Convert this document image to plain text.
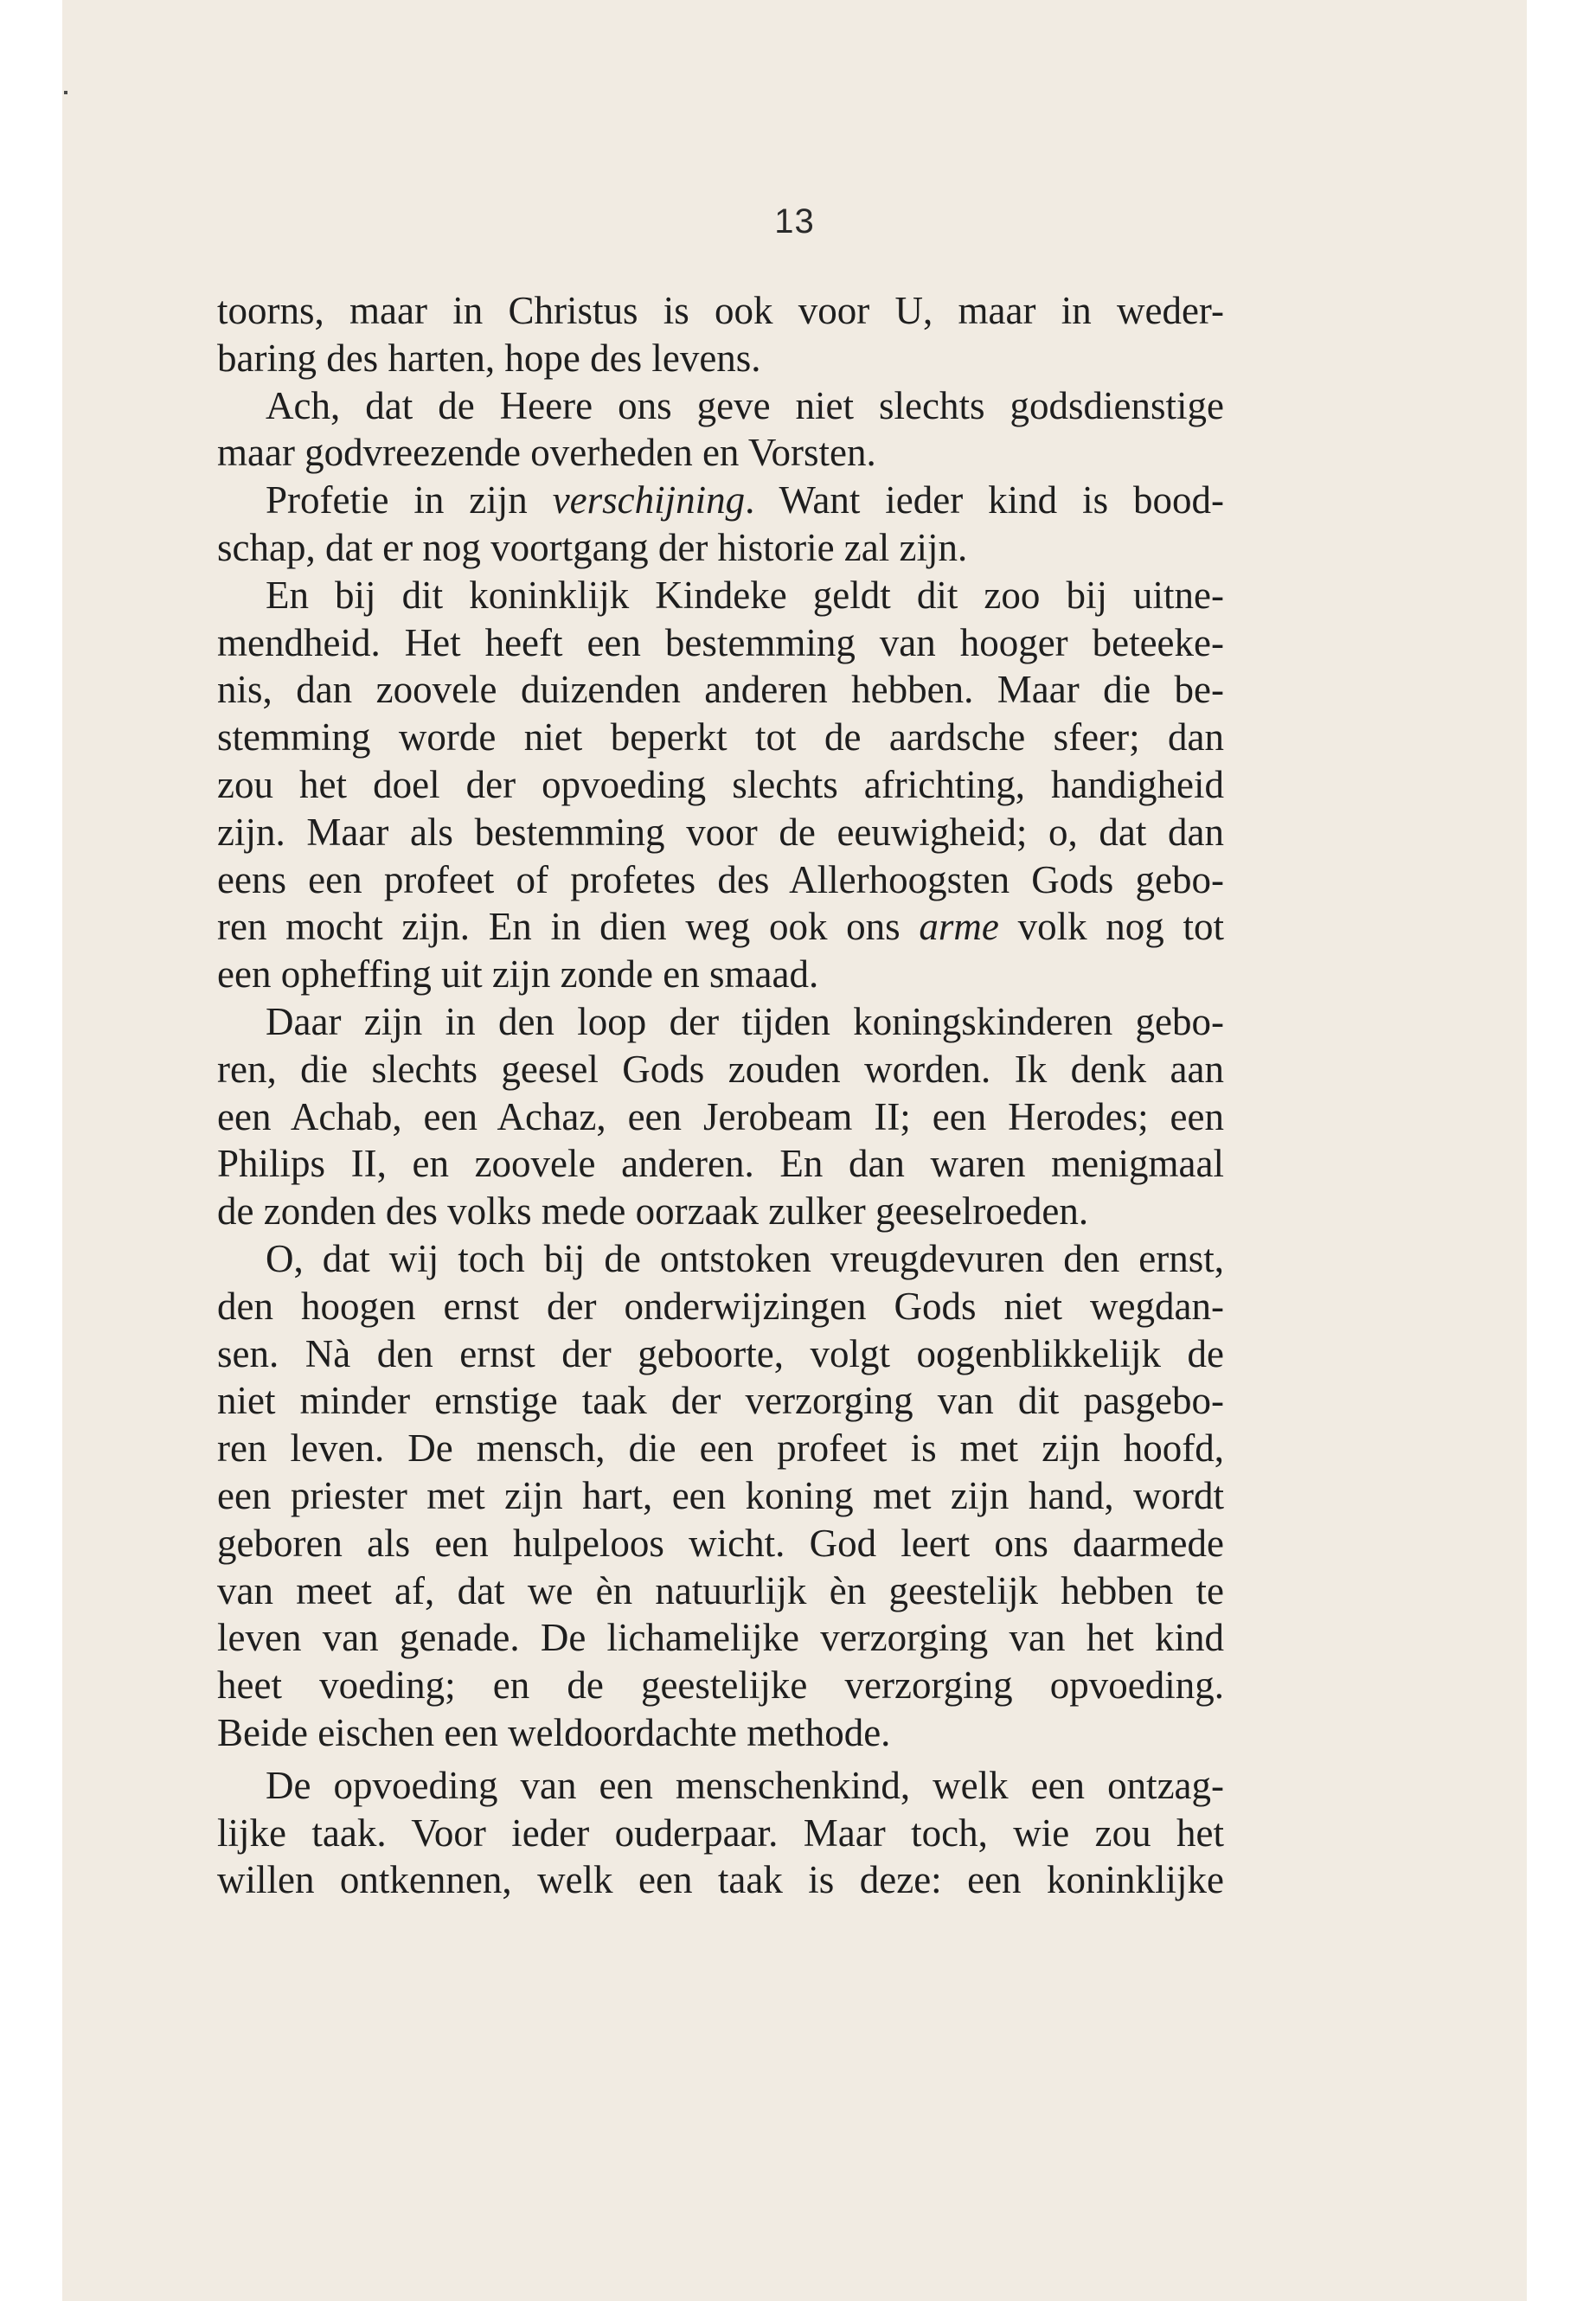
13

toorns, maar in Christus is ook voor U, maar in weder-

baring des harten, hope des levens.

Ach, dat de Heere ons geve niet slechts godsdienstige

maar godvreezende overheden en Vorsten.

Profetie in zijn verschijning. Want ieder kind is bood-

schap, dat er nog voortgang der historie zal zijn.

En bij dit koninklijk Kindeke geldt dit zoo bij uitne-

mendheid. Het heeft een bestemming van hooger beteeke-

nis, dan zoovele duizenden anderen hebben. Maar die be-

stemming worde niet beperkt tot de aardsche sfeer; dan

zou het doel der opvoeding slechts africhting, handigheid

zijn. Maar als bestemming voor de eeuwigheid; o, dat dan

eens een profeet of profetes des Allerhoogsten Gods gebo-

ren mocht zijn. En in dien weg ook ons arme volk nog tot

een opheffing uit zijn zonde en smaad.

Daar zijn in den loop der tijden koningskinderen gebo-

ren, die slechts geesel Gods zouden worden. Ik denk aan

een Achab, een Achaz, een Jerobeam II; een Herodes; een

Philips II, en zoovele anderen. En dan waren menigmaal

de zonden des volks mede oorzaak zulker geeselroeden.

O, dat wij toch bij de ontstoken vreugdevuren den ernst,

den hoogen ernst der onderwijzingen Gods niet wegdan-

sen. Nà den ernst der geboorte, volgt oogenblikkelijk de

niet minder ernstige taak der verzorging van dit pasgebo-

ren leven. De mensch, die een profeet is met zijn hoofd,

een priester met zijn hart, een koning met zijn hand, wordt

geboren als een hulpeloos wicht. God leert ons daarmede

van meet af, dat we èn natuurlijk èn geestelijk hebben te

leven van genade. De lichamelijke verzorging van het kind

heet voeding; en de geestelijke verzorging opvoeding.

Beide eischen een weldoordachte methode.

De opvoeding van een menschenkind, welk een ontzag-

lijke taak. Voor ieder ouderpaar. Maar toch, wie zou het

willen ontkennen, welk een taak is deze: een koninklijke
